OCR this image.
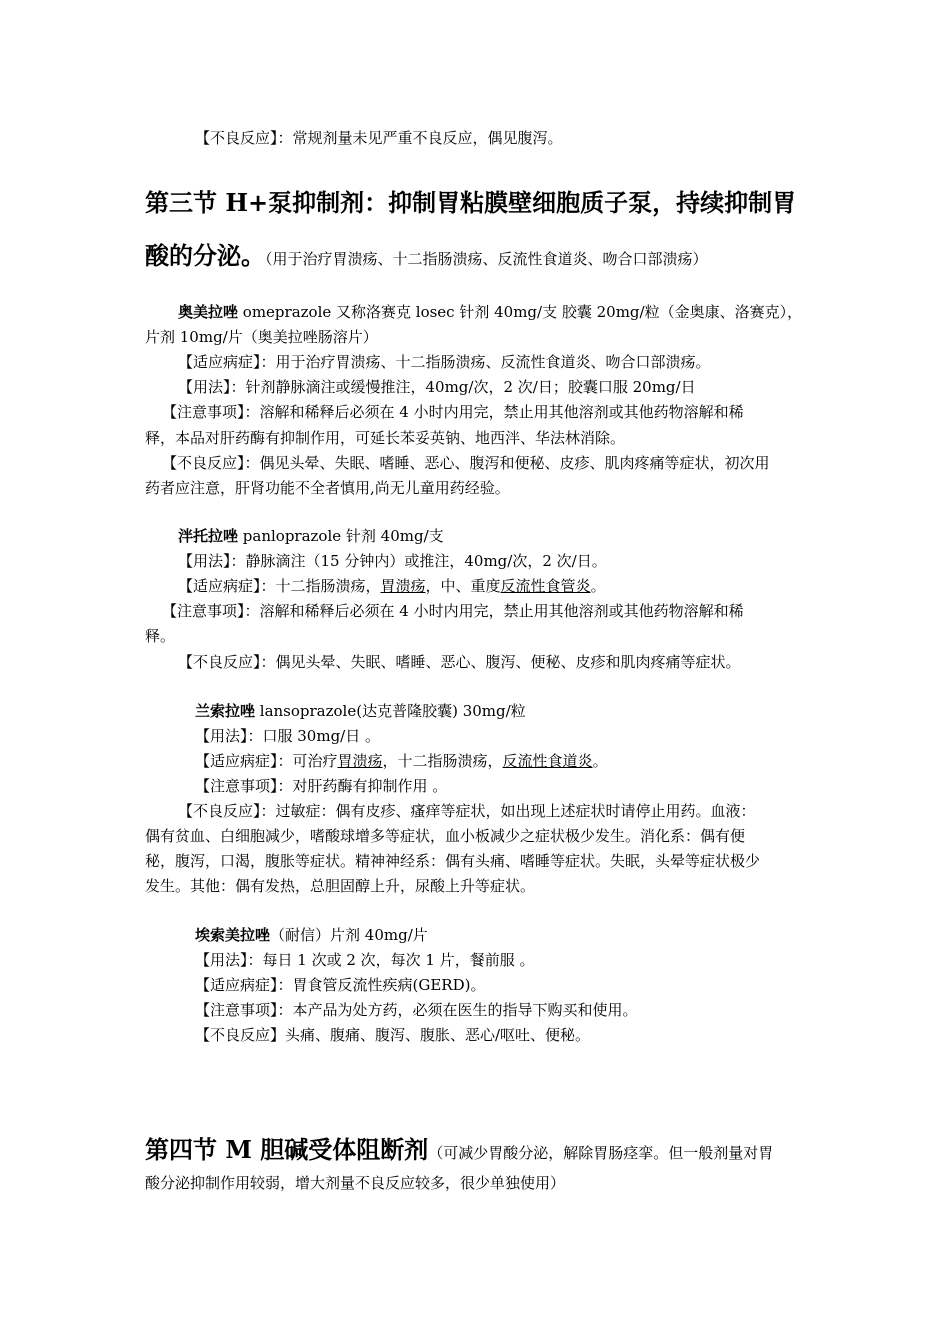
【不良反应】：常规剂量未见严重不良反应，偶见腹泻。
第三节 H+泵抑制剂：抑制胃粘膜壁细胞质子泵，持续抑制胃
酸的分泌。（用于治疗胃溃疡、十二指肠溃疡、反流性食道炎、吻合口部溃疡）
奥美拉唑 omeprazole 又称洛赛克 losec 针剂 40mg/支 胶囊 20mg/粒（金奥康、洛赛克），
片剂 10mg/片（奥美拉唑肠溶片）
【适应病症】：用于治疗胃溃疡、十二指肠溃疡、反流性食道炎、吻合口部溃疡。
【用法】：针剂静脉滴注或缓慢推注，40mg/次，2 次/日；胶囊口服 20mg/日
【注意事项】：溶解和稀释后必须在 4 小时内用完，禁止用其他溶剂或其他药物溶解和稀
释，本品对肝药酶有抑制作用，可延长苯妥英钠、地西泮、华法林消除。
【不良反应】：偶见头晕、失眠、嗜睡、恶心、腹泻和便秘、皮疹、肌肉疼痛等症状，初次用
药者应注意，肝肾功能不全者慎用,尚无儿童用药经验。
泮托拉唑 panloprazole 针剂 40mg/支
【用法】：静脉滴注（15 分钟内）或推注，40mg/次，2 次/日。
【适应病症】：十二指肠溃疡，胃溃疡，中、重度反流性食管炎。
【注意事项】：溶解和稀释后必须在 4 小时内用完，禁止用其他溶剂或其他药物溶解和稀
释。
【不良反应】：偶见头晕、失眠、嗜睡、恶心、腹泻、便秘、皮疹和肌肉疼痛等症状。
兰索拉唑 lansoprazole(达克普隆胶囊) 30mg/粒
【用法】：口服 30mg/日 。
【适应病症】：可治疗胃溃疡，十二指肠溃疡，反流性食道炎。
【注意事项】：对肝药酶有抑制作用 。
【不良反应】：过敏症：偶有皮疹、瘙痒等症状，如出现上述症状时请停止用药。血液：
偶有贫血、白细胞减少，嗜酸球增多等症状，血小板减少之症状极少发生。消化系：偶有便
秘，腹泻，口渴，腹胀等症状。精神神经系：偶有头痛、嗜睡等症状。失眠，头晕等症状极少
发生。其他：偶有发热，总胆固醇上升，尿酸上升等症状。
埃索美拉唑（耐信）片剂 40mg/片
【用法】：每日 1 次或 2 次，每次 1 片，餐前服 。
【适应病症】：胃食管反流性疾病(GERD)。
【注意事项】：本产品为处方药，必须在医生的指导下购买和使用。
【不良反应】头痛、腹痛、腹泻、腹胀、恶心/呕吐、便秘。
第四节 M 胆碱受体阻断剂（可减少胃酸分泌，解除胃肠痉挛。但一般剂量对胃
酸分泌抑制作用较弱，增大剂量不良反应较多，很少单独使用）
